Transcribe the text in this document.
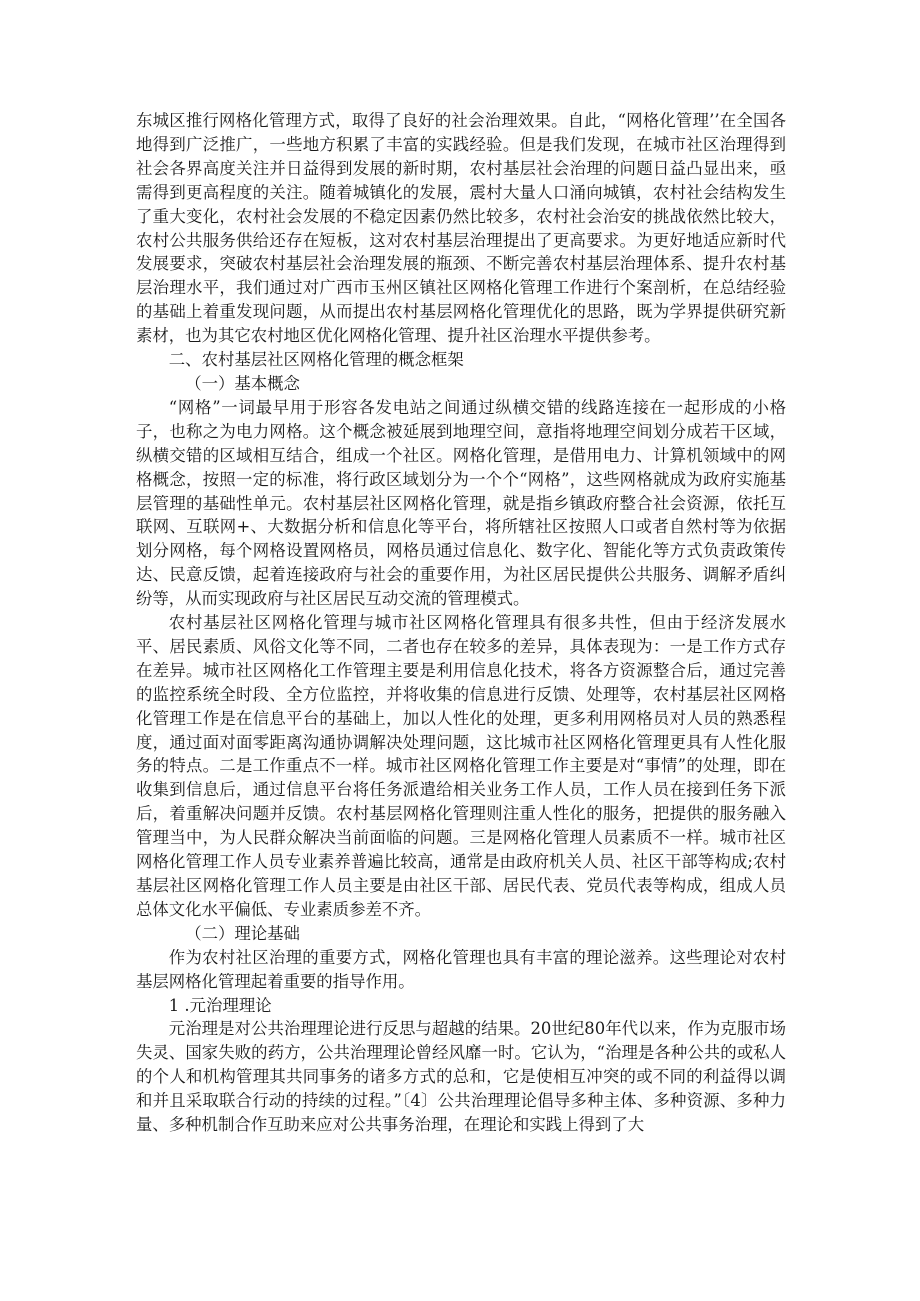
东城区推行网格化管理方式，取得了良好的社会治理效果。自此，“网格化管理’’在全国各地得到广泛推广，一些地方积累了丰富的实践经验。但是我们发现，在城市社区治理得到社会各界高度关注并日益得到发展的新时期，农村基层社会治理的问题日益凸显出来，亟需得到更高程度的关注。随着城镇化的发展，震村大量人口涌向城镇，农村社会结构发生了重大变化，农村社会发展的不稳定因素仍然比较多，农村社会治安的挑战依然比较大，农村公共服务供给还存在短板，这对农村基层治理提出了更高要求。为更好地适应新时代发展要求，突破农村基层社会治理发展的瓶颈、不断完善农村基层治理体系、提升农村基层治理水平，我们通过对广西市玉州区镇社区网格化管理工作进行个案剖析，在总结经验的基础上着重发现问题，从而提出农村基层网格化管理优化的思路，既为学界提供研究新素材，也为其它农村地区优化网格化管理、提升社区治理水平提供参考。

二、农村基层社区网格化管理的概念框架

（一）基本概念

“网格”一词最早用于形容各发电站之间通过纵横交错的线路连接在一起形成的小格子，也称之为电力网格。这个概念被延展到地理空间，意指将地理空间划分成若干区域，纵横交错的区域相互结合，组成一个社区。网格化管理，是借用电力、计算机领域中的网格概念，按照一定的标准，将行政区域划分为一个个“网格”，这些网格就成为政府实施基层管理的基础性单元。农村基层社区网格化管理，就是指乡镇政府整合社会资源，依托互联网、互联网+、大数据分析和信息化等平台，将所辖社区按照人口或者自然村等为依据划分网格，每个网格设置网格员，网格员通过信息化、数字化、智能化等方式负责政策传达、民意反馈，起着连接政府与社会的重要作用，为社区居民提供公共服务、调解矛盾纠纷等，从而实现政府与社区居民互动交流的管理模式。

农村基层社区网格化管理与城市社区网格化管理具有很多共性，但由于经济发展水平、居民素质、风俗文化等不同，二者也存在较多的差异，具体表现为：一是工作方式存在差异。城市社区网格化工作管理主要是利用信息化技术，将各方资源整合后，通过完善的监控系统全时段、全方位监控，并将收集的信息进行反馈、处理等，农村基层社区网格化管理工作是在信息平台的基础上，加以人性化的处理，更多利用网格员对人员的熟悉程度，通过面对面零距离沟通协调解决处理问题，这比城市社区网格化管理更具有人性化服务的特点。二是工作重点不一样。城市社区网格化管理工作主要是对“事情”的处理，即在收集到信息后，通过信息平台将任务派遣给相关业务工作人员，工作人员在接到任务下派后，着重解决问题并反馈。农村基层网格化管理则注重人性化的服务，把提供的服务融入管理当中，为人民群众解决当前面临的问题。三是网格化管理人员素质不一样。城市社区网格化管理工作人员专业素养普遍比较高，通常是由政府机关人员、社区干部等构成;农村基层社区网格化管理工作人员主要是由社区干部、居民代表、党员代表等构成，组成人员总体文化水平偏低、专业素质参差不齐。

（二）理论基础

作为农村社区治理的重要方式，网格化管理也具有丰富的理论滋养。这些理论对农村基层网格化管理起着重要的指导作用。

1 .元治理理论

元治理是对公共治理理论进行反思与超越的结果。20世纪80年代以来，作为克服市场失灵、国家失败的药方，公共治理理论曾经风靡一时。它认为，“治理是各种公共的或私人的个人和机构管理其共同事务的诸多方式的总和，它是使相互冲突的或不同的利益得以调和并且采取联合行动的持续的过程。”〔4〕公共治理理论倡导多种主体、多种资源、多种力量、多种机制合作互助来应对公共事务治理，在理论和实践上得到了大
